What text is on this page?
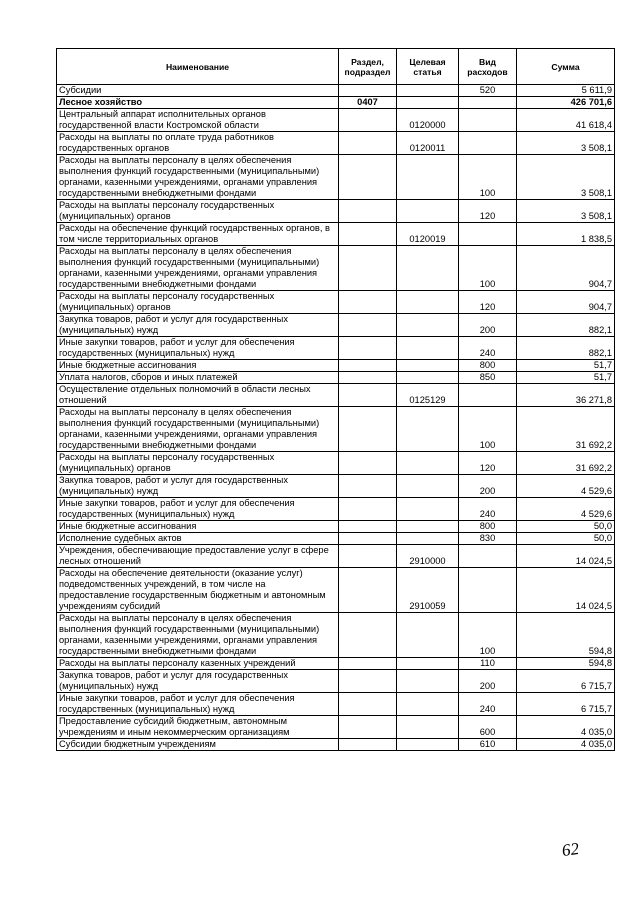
Наименование	Раздел, подраздел	Целевая статья	Вид расходов	Сумма
Субсидии			520	5 611,9
Лесное хозяйство	0407			426 701,6
Центральный аппарат исполнительных органов государственной власти Костромской области		0120000		41 618,4
Расходы на выплаты по оплате труда работников государственных органов		0120011		3 508,1
Расходы на выплаты персоналу в целях обеспечения выполнения функций государственными (муниципальными) органами, казенными учреждениями, органами управления государственными внебюджетными фондами			100	3 508,1
Расходы на выплаты персоналу государственных (муниципальных) органов			120	3 508,1
Расходы на обеспечение функций государственных органов, в том числе территориальных органов		0120019		1 838,5
Расходы на выплаты персоналу в целях обеспечения выполнения функций государственными (муниципальными) органами, казенными учреждениями, органами управления государственными внебюджетными фондами			100	904,7
Расходы на выплаты персоналу государственных (муниципальных) органов			120	904,7
Закупка товаров, работ и услуг для государственных (муниципальных) нужд			200	882,1
Иные закупки товаров, работ и услуг для обеспечения государственных (муниципальных) нужд			240	882,1
Иные бюджетные ассигнования			800	51,7
Уплата налогов, сборов и иных платежей			850	51,7
Осуществление отдельных полномочий в области лесных отношений		0125129		36 271,8
Расходы на выплаты персоналу в целях обеспечения выполнения функций государственными (муниципальными) органами, казенными учреждениями, органами управления государственными внебюджетными фондами			100	31 692,2
Расходы на выплаты персоналу государственных (муниципальных) органов			120	31 692,2
Закупка товаров, работ и услуг для государственных (муниципальных) нужд			200	4 529,6
Иные закупки товаров, работ и услуг для обеспечения государственных (муниципальных) нужд			240	4 529,6
Иные бюджетные ассигнования			800	50,0
Исполнение судебных актов			830	50,0
Учреждения, обеспечивающие предоставление услуг в сфере лесных отношений		2910000		14 024,5
Расходы на обеспечение деятельности (оказание услуг) подведомственных учреждений, в том числе на предоставление государственным бюджетным и автономным учреждениям субсидий		2910059		14 024,5
Расходы на выплаты персоналу в целях обеспечения выполнения функций государственными (муниципальными) органами, казенными учреждениями, органами управления государственными внебюджетными фондами			100	594,8
Расходы на выплаты персоналу казенных учреждений			110	594,8
Закупка товаров, работ и услуг для государственных (муниципальных) нужд			200	6 715,7
Иные закупки товаров, работ и услуг для обеспечения государственных (муниципальных) нужд			240	6 715,7
Предоставление субсидий бюджетным, автономным учреждениям и иным некоммерческим организациям			600	4 035,0
Субсидии бюджетным учреждениям			610	4 035,0
62
